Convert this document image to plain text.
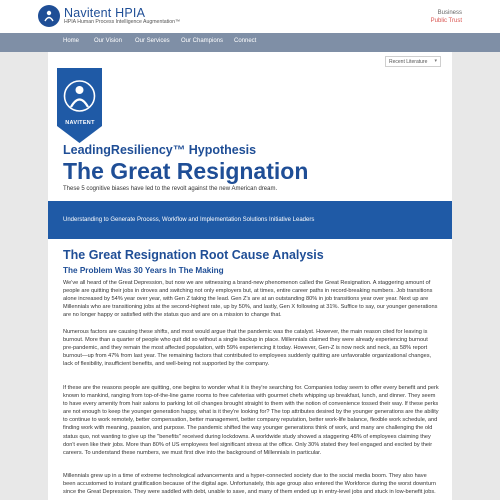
Navitent HPIA
HPIA Human Process Intelligence Augmentation™
Business
Public Trust
Home Our Vision Our Services Our Champions Connect
Recent Literature ▾
NAVITENT
LeadingResiliency™ Hypothesis
The Great Resignation
These 5 cognitive biases have led to the revolt against the new American dream.
Understanding to Generate Process, Workflow and Implementation Solutions Initiative Leaders
The Great Resignation Root Cause Analysis
The Problem Was 30 Years In The Making

We've all heard of the Great Depression, but now we are witnessing a brand-new phenomenon called the Great Resignation. A staggering amount of people are quitting their jobs in droves and switching not only employers but, at times, entire career paths in record-breaking numbers. Job transitions alone increased by 54% year over year, with Gen Z taking the lead. Gen Z's are at an outstanding 80% in job transitions year over year. Next up are Millennials who are transitioning jobs at the second-highest rate, up by 50%, and lastly, Gen X following at 31%. Suffice to say, our younger generations are no longer happy or satisfied with the status quo and are on a mission to change that.

Numerous factors are causing these shifts, and most would argue that the pandemic was the catalyst. However, the main reason cited for leaving is burnout. More than a quarter of people who quit did so without a single backup in place. Millennials claimed they were already experiencing burnout pre-pandemic, and they remain the most affected population, with 59% experiencing it today. However, Gen-Z is now neck and neck, as 58% report burnout—up from 47% from last year. The remaining factors that contributed to employees suddenly quitting are unfavorable organizational changes, lack of flexibility, insufficient benefits, and well-being not supported by the company.

If these are the reasons people are quitting, one begins to wonder what it is they're searching for. Companies today seem to offer every benefit and perk known to mankind, ranging from top-of-the-line game rooms to free cafeterias with gourmet chefs whipping up breakfast, lunch, and dinner. They seem to have every amenity from hair salons to parking lot oil changes brought straight to them with the notion of convenience tossed their way. If these perks are not enough to keep the younger generation happy, what is it they're looking for? The top attributes desired by the younger generations are the ability to continue to work remotely, better compensation, better management, better company reputation, better work-life balance, flexible work schedule, and finding work with meaning, passion, and purpose. The pandemic shifted the way younger generations think of work, and many are challenging the old status quo, not wanting to give up the "benefits" received during lockdowns. A worldwide study showed a staggering 48% of employees claiming they don't even like their jobs. More than 80% of US employees feel significant stress at the office. Only 30% stated they feel engaged and excited by their careers. To understand these numbers, we must first dive into the background of Millennials in particular.

Millennials grew up in a time of extreme technological advancements and a hyper-connected society due to the social media boom. They also have been accustomed to instant gratification because of the digital age. Unfortunately, this age group also entered the Workforce during the worst downturn since the Great Depression. They were saddled with debt, unable to save, and many of them ended up in entry-level jobs and stuck in low-benefit jobs.
